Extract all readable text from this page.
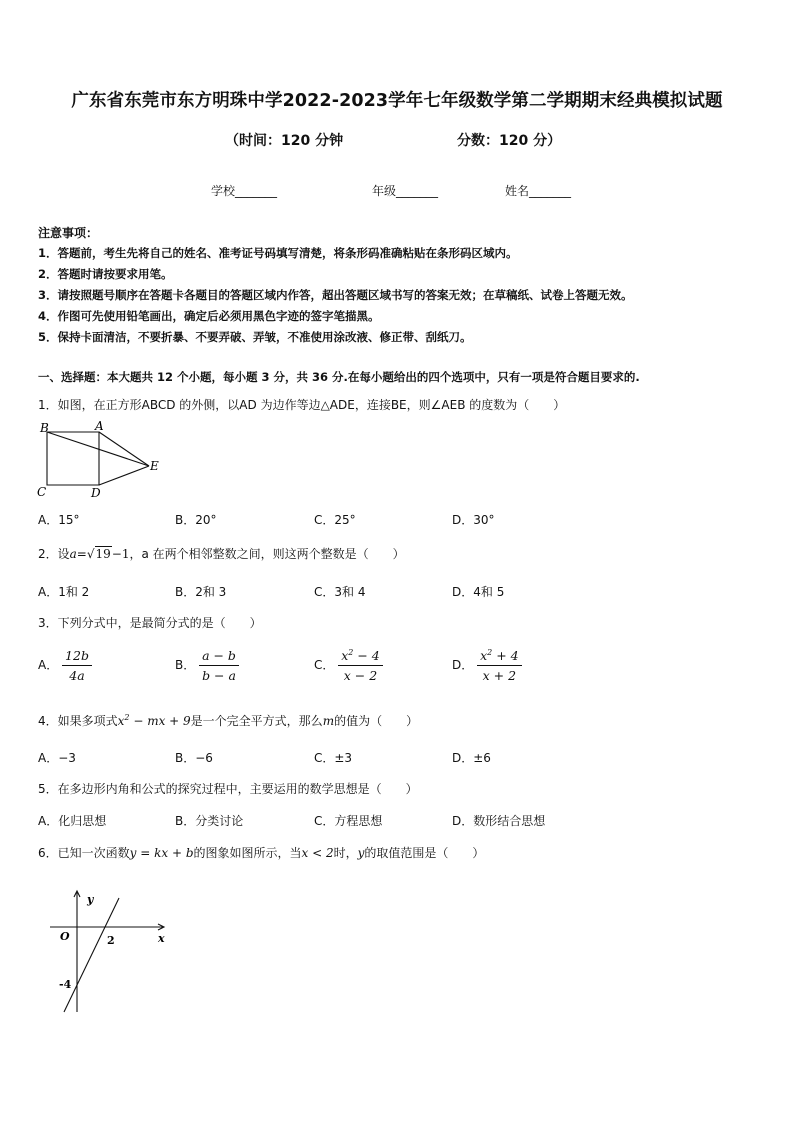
广东省东莞市东方明珠中学2022-2023学年七年级数学第二学期期末经典模拟试题
（时间：120 分钟	分数：120 分）
学校_______	年级_______	姓名_______
注意事项：
1．答题前，考生先将自己的姓名、准考证号码填写清楚，将条形码准确粘贴在条形码区域内。
2．答题时请按要求用笔。
3．请按照题号顺序在答题卡各题目的答题区域内作答，超出答题区域书写的答案无效；在草稿纸、试卷上答题无效。
4．作图可先使用铅笔画出，确定后必须用黑色字迹的签字笔描黑。
5．保持卡面清洁，不要折暴、不要弄破、弄皱，不准使用涂改液、修正带、刮纸刀。
一、选择题：本大题共 12 个小题，每小题 3 分，共 36 分.在每小题给出的四个选项中，只有一项是符合题目要求的.
1．如图，在正方形ABCD 的外侧，以AD 为边作等边△ADE，连接BE，则∠AEB 的度数为（　　）
B	A
C	D
E
A．15°	B．20°	C．25°	D．30°
2．设a=√19−1，a 在两个相邻整数之间，则这两个整数是（　　）
A．1和 2	B．2和 3	C．3和 4	D．4和 5
3．下列分式中，是最简分式的是（　　）
A． $\frac{12b}{4a}$	B． $\frac{a - b}{b - a}$	C． $\frac{x^2 - 4}{x - 2}$	D． $\frac{x^2 + 4}{x + 2}$
4．如果多项式$x^2$ − mx + 9是一个完全平方式，那么m的值为（　　）
A．−3	B．−6	C．±3	D．±6
5．在多边形内角和公式的探究过程中，主要运用的数学思想是（　　）
A．化归思想	B．分类讨论	C．方程思想	D．数形结合思想
6．已知一次函数y = kx + b的图象如图所示，当x < 2时，y的取值范围是（　　）
y
O	2	x
-4
